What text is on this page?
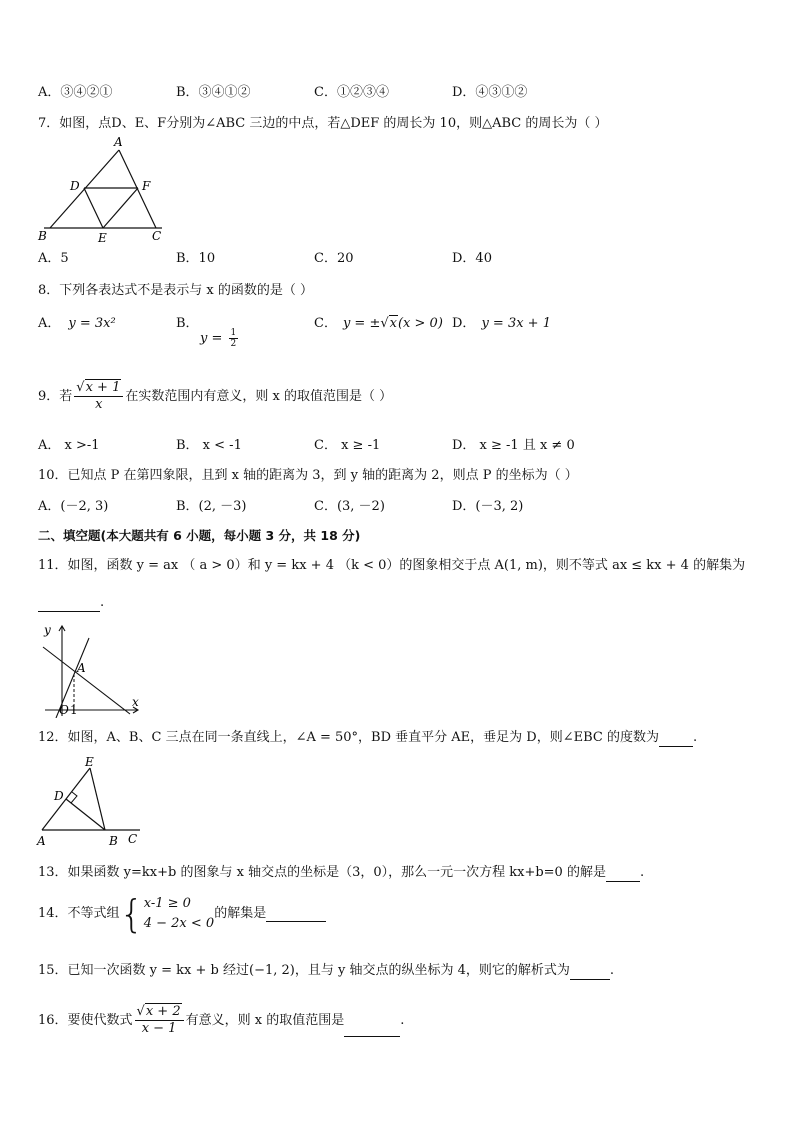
A．③④②①	B．③④①②	C．①②③④	D．④③①②
7．如图，点D、E、F分别为∠ABC 三边的中点，若△DEF 的周长为 10，则△ABC 的周长为（ ）
A
D	F
B	E	C
A．5	B．10	C．20	D．40
8．下列各表达式不是表示与 x 的函数的是（ ）
A． y = 3x²	B．
$y = \frac{1}{2}$
C． y = ±√x(x > 0) D． y = 3x + 1
9．若 $\frac{√x + 1}{x}$ 在实数范围内有意义，则 x 的取值范围是（ ）
A． x >-1	B． x < -1	C． x ≥ -1	D． x ≥ -1 且 x ≠ 0
10．已知点 P 在第四象限，且到 x 轴的距离为 3，到 y 轴的距离为 2，则点 P 的坐标为（ ）
A．(－2, 3)	B．(2, －3)	C．(3, －2)	D．(－3, 2)
二、填空题(本大题共有 6 小题，每小题 3 分，共 18 分)
11．如图，函数 y = ax （ a > 0）和 y = kx + 4 （k < 0）的图象相交于点 A(1, m)，则不等式 ax ≤ kx + 4 的解集为
.
y
x
A
O 1
12．如图，A、B、C 三点在同一条直线上，∠A = 50°，BD 垂直平分 AE，垂足为 D，则∠EBC 的度数为	.
E
D
A	B C
13．如果函数 y=kx+b 的图象与 x 轴交点的坐标是（3，0），那么一元一次方程 kx+b=0 的解是	.
14．不等式组{ x-1 ≥ 0
4 − 2x < 0
的解集是
15．已知一次函数 y = kx + b 经过(−1, 2)，且与 y 轴交点的纵坐标为 4，则它的解析式为	.
16．要使代数式 $\frac{√x + 2}{x - 1}$ 有意义，则 x 的取值范围是	.
